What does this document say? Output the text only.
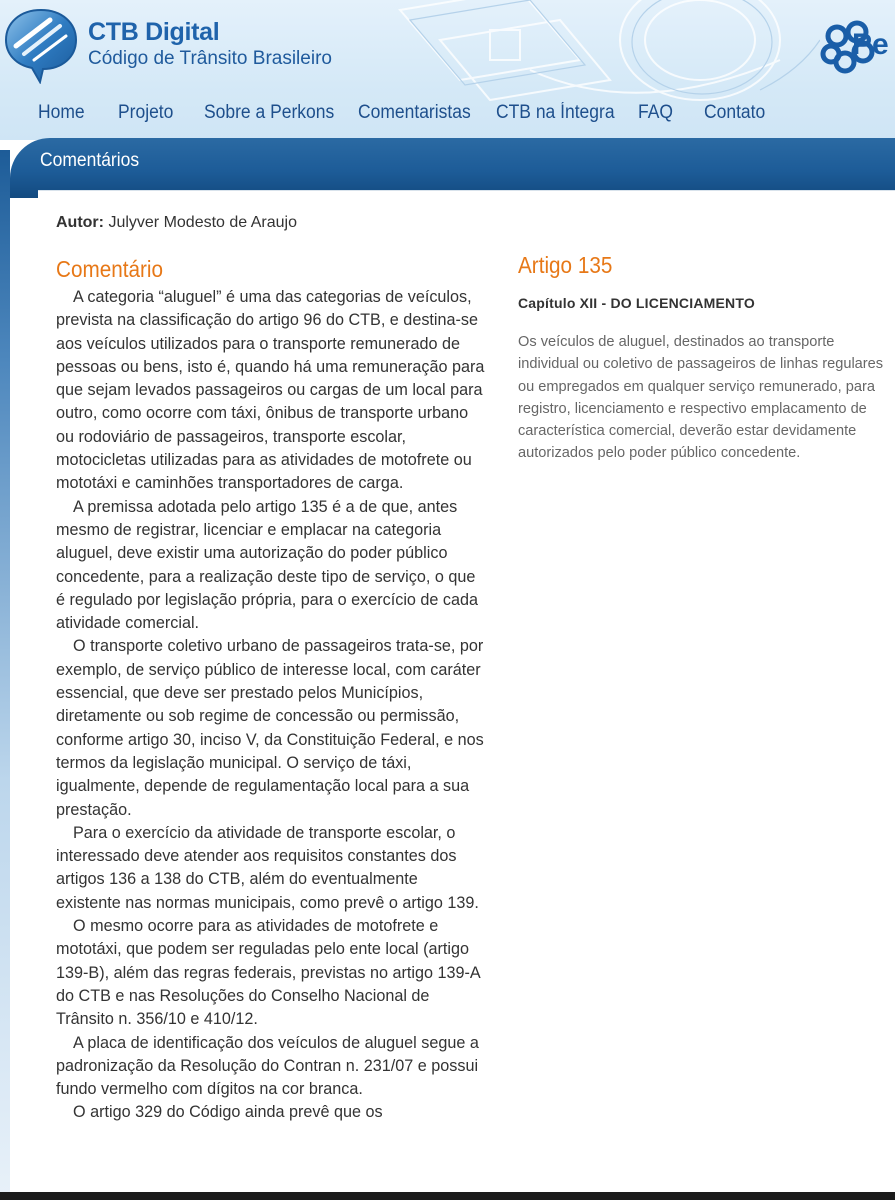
CTB Digital
Código de Trânsito Brasileiro	Pe
Home Projeto Sobre a Perkons Comentaristas CTB na Íntegra FAQ Contato
Comentários
Autor: Julyver Modesto de Araujo
Comentário

A categoria “aluguel” é uma das categorias de veículos, prevista na classificação do artigo 96 do CTB, e destina-se aos veículos utilizados para o transporte remunerado de pessoas ou bens, isto é, quando há uma remuneração para que sejam levados passageiros ou cargas de um local para outro, como ocorre com táxi, ônibus de transporte urbano ou rodoviário de passageiros, transporte escolar, motocicletas utilizadas para as atividades de motofrete ou mototáxi e caminhões transportadores de carga.

A premissa adotada pelo artigo 135 é a de que, antes mesmo de registrar, licenciar e emplacar na categoria aluguel, deve existir uma autorização do poder público concedente, para a realização deste tipo de serviço, o que é regulado por legislação própria, para o exercício de cada atividade comercial.

O transporte coletivo urbano de passageiros trata-se, por exemplo, de serviço público de interesse local, com caráter essencial, que deve ser prestado pelos Municípios, diretamente ou sob regime de concessão ou permissão, conforme artigo 30, inciso V, da Constituição Federal, e nos termos da legislação municipal. O serviço de táxi, igualmente, depende de regulamentação local para a sua prestação.

Para o exercício da atividade de transporte escolar, o interessado deve atender aos requisitos constantes dos artigos 136 a 138 do CTB, além do eventualmente existente nas normas municipais, como prevê o artigo 139.

O mesmo ocorre para as atividades de motofrete e mototáxi, que podem ser reguladas pelo ente local (artigo 139-B), além das regras federais, previstas no artigo 139-A do CTB e nas Resoluções do Conselho Nacional de Trânsito n. 356/10 e 410/12.

A placa de identificação dos veículos de aluguel segue a padronização da Resolução do Contran n. 231/07 e possui fundo vermelho com dígitos na cor branca.

O artigo 329 do Código ainda prevê que os

Artigo 135
Capítulo XII - DO LICENCIAMENTO
Os veículos de aluguel, destinados ao transporte individual ou coletivo de passageiros de linhas regulares ou empregados em qualquer serviço remunerado, para registro, licenciamento e respectivo emplacamento de característica comercial, deverão estar devidamente autorizados pelo poder público concedente.
